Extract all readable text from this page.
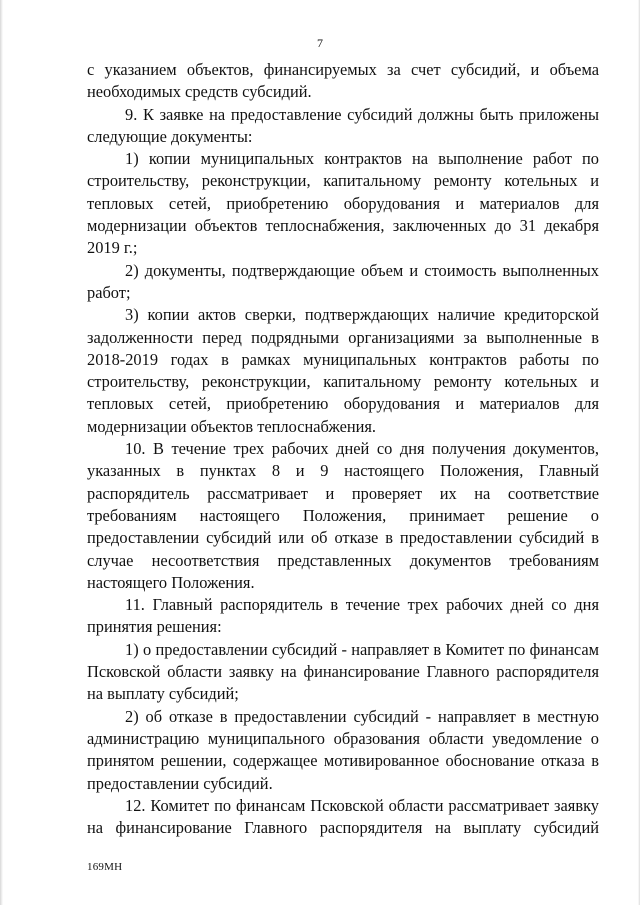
7

с указанием объектов, финансируемых за счет субсидий, и объема необходимых средств субсидий.

9. К заявке на предоставление субсидий должны быть приложены следующие документы:

1) копии муниципальных контрактов на выполнение работ по строительству, реконструкции, капитальному ремонту котельных и тепловых сетей, приобретению оборудования и материалов для модернизации объектов теплоснабжения, заключенных до 31 декабря 2019 г.;

2) документы, подтверждающие объем и стоимость выполненных работ;

3) копии актов сверки, подтверждающих наличие кредиторской задолженности перед подрядными организациями за выполненные в 2018-2019 годах в рамках муниципальных контрактов работы по строительству, реконструкции, капитальному ремонту котельных и тепловых сетей, приобретению оборудования и материалов для модернизации объектов теплоснабжения.

10. В течение трех рабочих дней со дня получения документов, указанных в пунктах 8 и 9 настоящего Положения, Главный распорядитель рассматривает и проверяет их на соответствие требованиям настоящего Положения, принимает решение о предоставлении субсидий или об отказе в предоставлении субсидий в случае несоответствия представленных документов требованиям настоящего Положения.

11. Главный распорядитель в течение трех рабочих дней со дня принятия решения:

1) о предоставлении субсидий - направляет в Комитет по финансам Псковской области заявку на финансирование Главного распорядителя на выплату субсидий;

2) об отказе в предоставлении субсидий - направляет в местную администрацию муниципального образования области уведомление о принятом решении, содержащее мотивированное обоснование отказа в предоставлении субсидий.

12. Комитет по финансам Псковской области рассматривает заявку на финансирование Главного распорядителя на выплату субсидий

169МН
